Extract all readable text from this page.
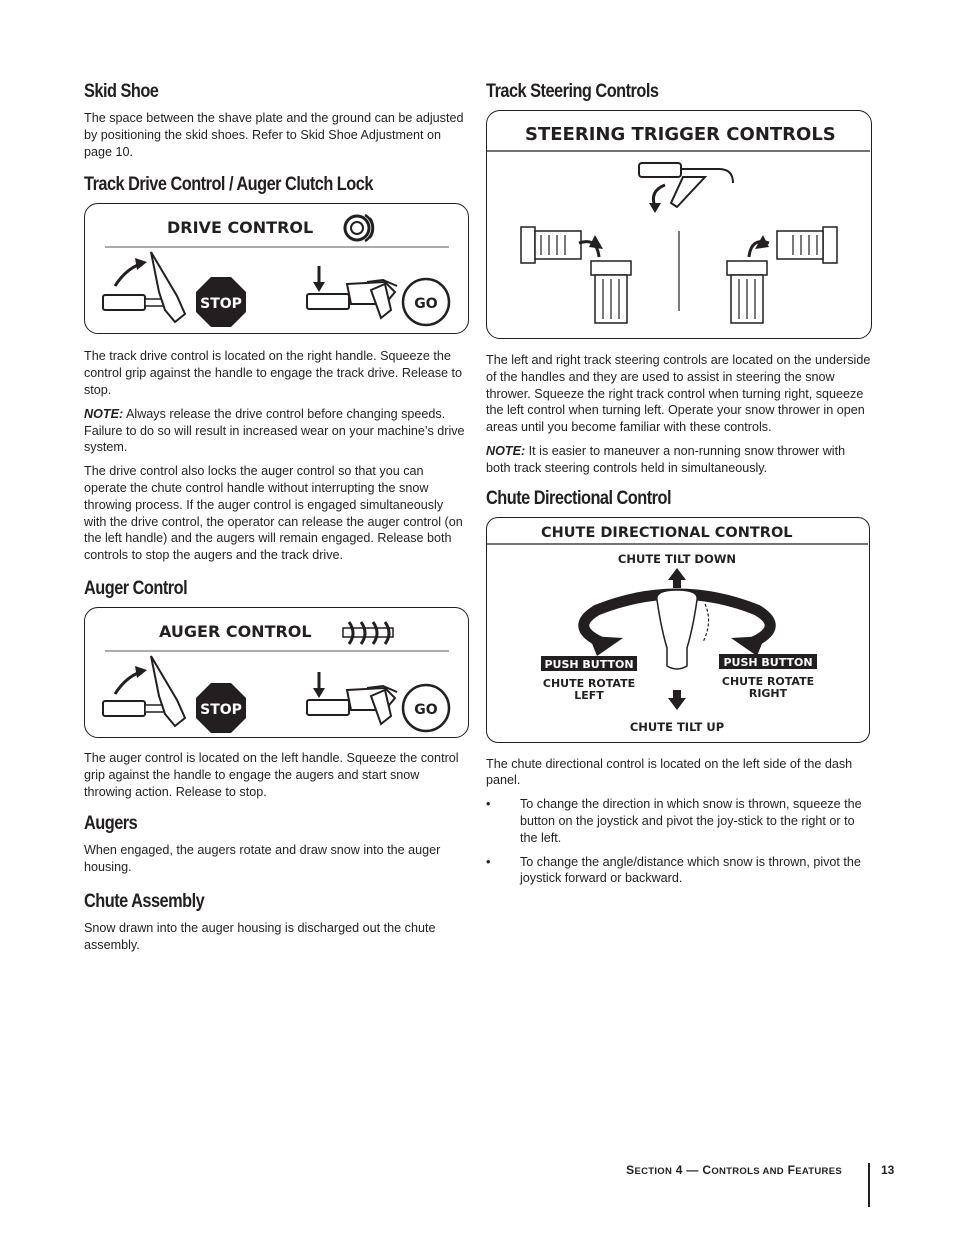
Skid Shoe

The space between the shave plate and the ground can be adjusted by positioning the skid shoes. Refer to Skid Shoe Adjustment on page 10.

Track Drive Control / Auger Clutch Lock
DRIVE CONTROL
STOP	GO

The track drive control is located on the right handle. Squeeze the control grip against the handle to engage the track drive. Release to stop.

NOTE: Always release the drive control before changing speeds. Failure to do so will result in increased wear on your machine’s drive system.

The drive control also locks the auger control so that you can operate the chute control handle without interrupting the snow throwing process. If the auger control is engaged simultaneously with the drive control, the operator can release the auger control (on the left handle) and the augers will remain engaged. Release both controls to stop the augers and the track drive.

Auger Control
AUGER CONTROL
STOP	GO

The auger control is located on the left handle. Squeeze the control grip against the handle to engage the augers and start snow throwing action. Release to stop.

Augers

When engaged, the augers rotate and draw snow into the auger housing.

Chute Assembly

Snow drawn into the auger housing is discharged out the chute assembly.

Track Steering Controls
STEERING TRIGGER CONTROLS

The left and right track steering controls are located on the underside of the handles and they are used to assist in steering the snow thrower. Squeeze the right track control when turning right, squeeze the left control when turning left. Operate your snow thrower in open areas until you become familiar with these controls.

NOTE: It is easier to maneuver a non-running snow thrower with both track steering controls held in simultaneously.

Chute Directional Control
CHUTE DIRECTIONAL CONTROL
CHUTE TILT DOWN
CHUTE TILT UP
PUSH BUTTON
CHUTE ROTATE
LEFT
PUSH BUTTON
CHUTE ROTATE
RIGHT

The chute directional control is located on the left side of the dash panel.

• To change the direction in which snow is thrown, squeeze the button on the joystick and pivot the joy-stick to the right or to the left.
• To change the angle/distance which snow is thrown, pivot the joystick forward or backward.
SECTION 4 — CONTROLS AND FEATURES	13
